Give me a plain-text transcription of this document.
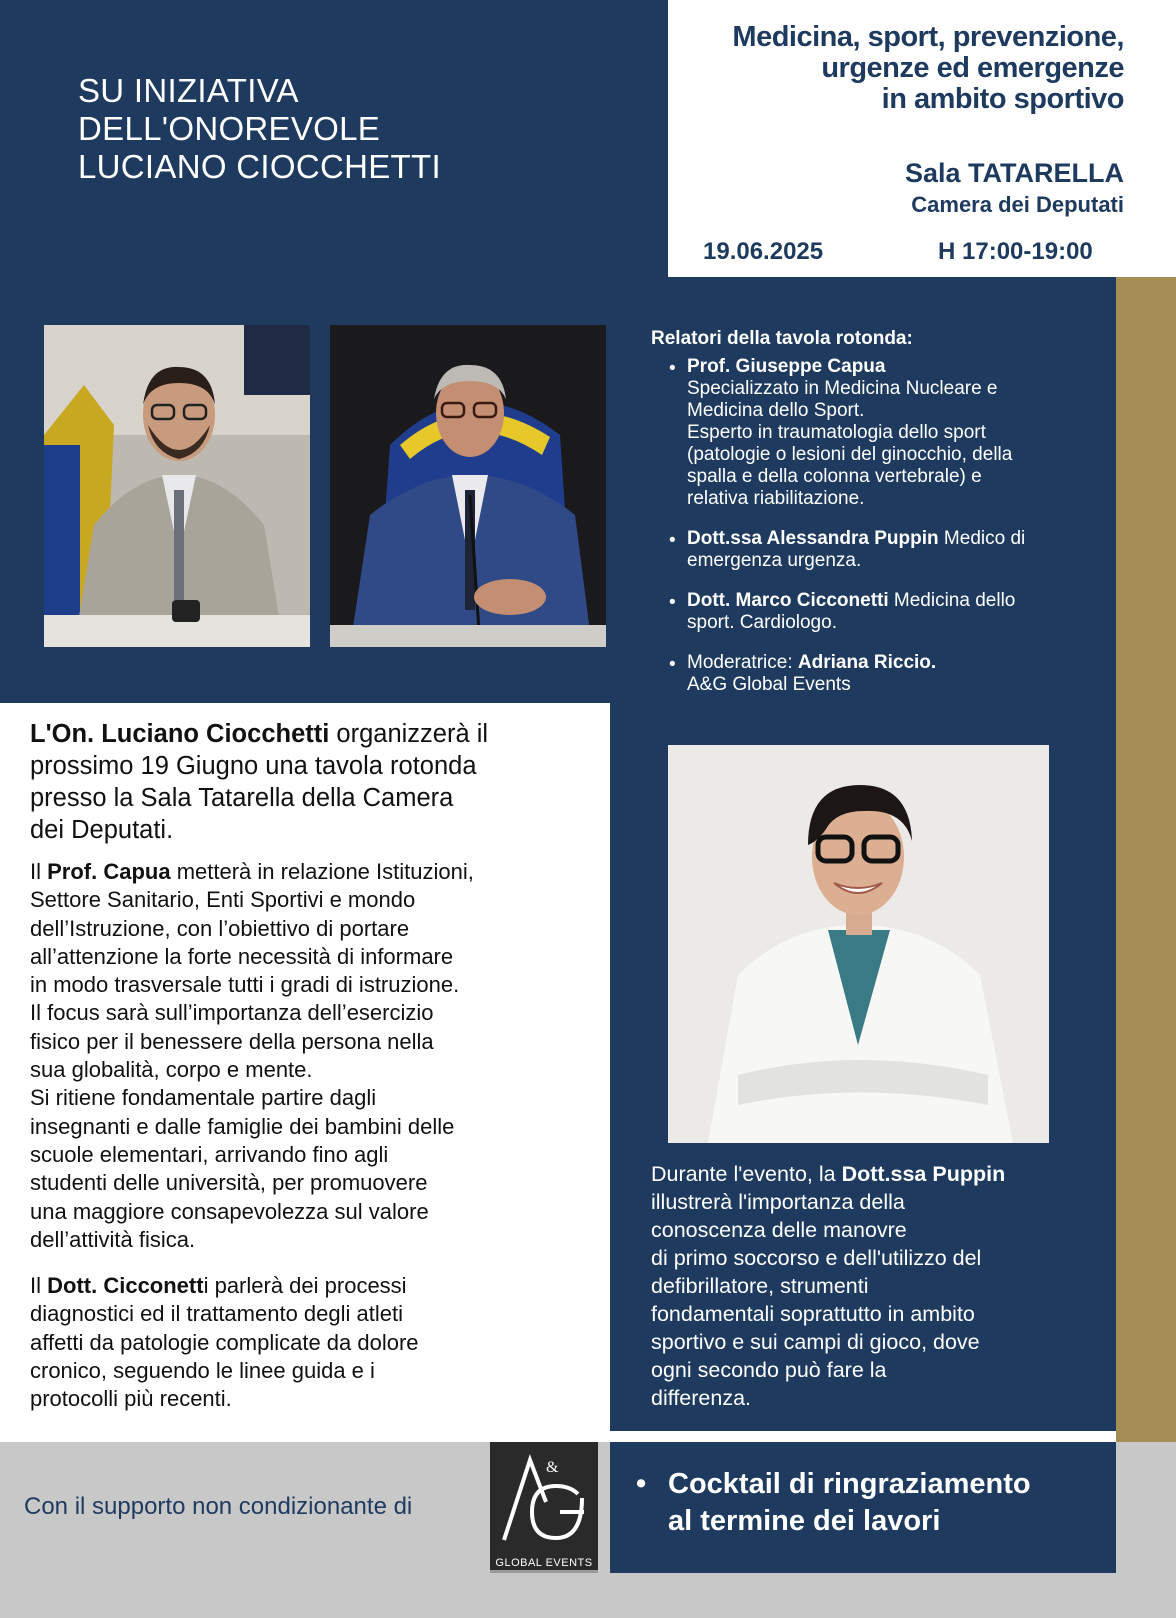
SU INIZIATIVA
DELL'ONOREVOLE
LUCIANO CIOCCHETTI
Medicina, sport, prevenzione,
urgenze ed emergenze
in ambito sportivo
Sala TATARELLA
Camera dei Deputati
19.06.2025	H 17:00-19:00
Relatori della tavola rotonda:
• Prof. Giuseppe Capua
Specializzato in Medicina Nucleare e
Medicina dello Sport.
Esperto in traumatologia dello sport
(patologie o lesioni del ginocchio, della
spalla e della colonna vertebrale) e
relativa riabilitazione.
• Dott.ssa Alessandra Puppin Medico di
emergenza urgenza.
• Dott. Marco Cicconetti Medicina dello
sport. Cardiologo.
• Moderatrice: Adriana Riccio.
A&G Global Events
Durante l'evento, la Dott.ssa Puppin
illustrerà l'importanza della
conoscenza delle manovre
di primo soccorso e dell'utilizzo del
defibrillatore, strumenti
fondamentali soprattutto in ambito
sportivo e sui campi di gioco, dove
ogni secondo può fare la
differenza.
L'On. Luciano Ciocchetti organizzerà il
prossimo 19 Giugno una tavola rotonda
presso la Sala Tatarella della Camera
dei Deputati.
Il Prof. Capua metterà in relazione Istituzioni,
Settore Sanitario, Enti Sportivi e mondo
dell’Istruzione, con l’obiettivo di portare
all’attenzione la forte necessità di informare
in modo trasversale tutti i gradi di istruzione.
Il focus sarà sull’importanza dell’esercizio
fisico per il benessere della persona nella
sua globalità, corpo e mente.
Si ritiene fondamentale partire dagli
insegnanti e dalle famiglie dei bambini delle
scuole elementari, arrivando fino agli
studenti delle università, per promuovere
una maggiore consapevolezza sul valore
dell’attività fisica.
Il Dott. Cicconetti parlerà dei processi
diagnostici ed il trattamento degli atleti
affetti da patologie complicate da dolore
cronico, seguendo le linee guida e i
protocolli più recenti.
Con il supporto non condizionante di
&
GLOBAL EVENTS
• Cocktail di ringraziamento
al termine dei lavori
